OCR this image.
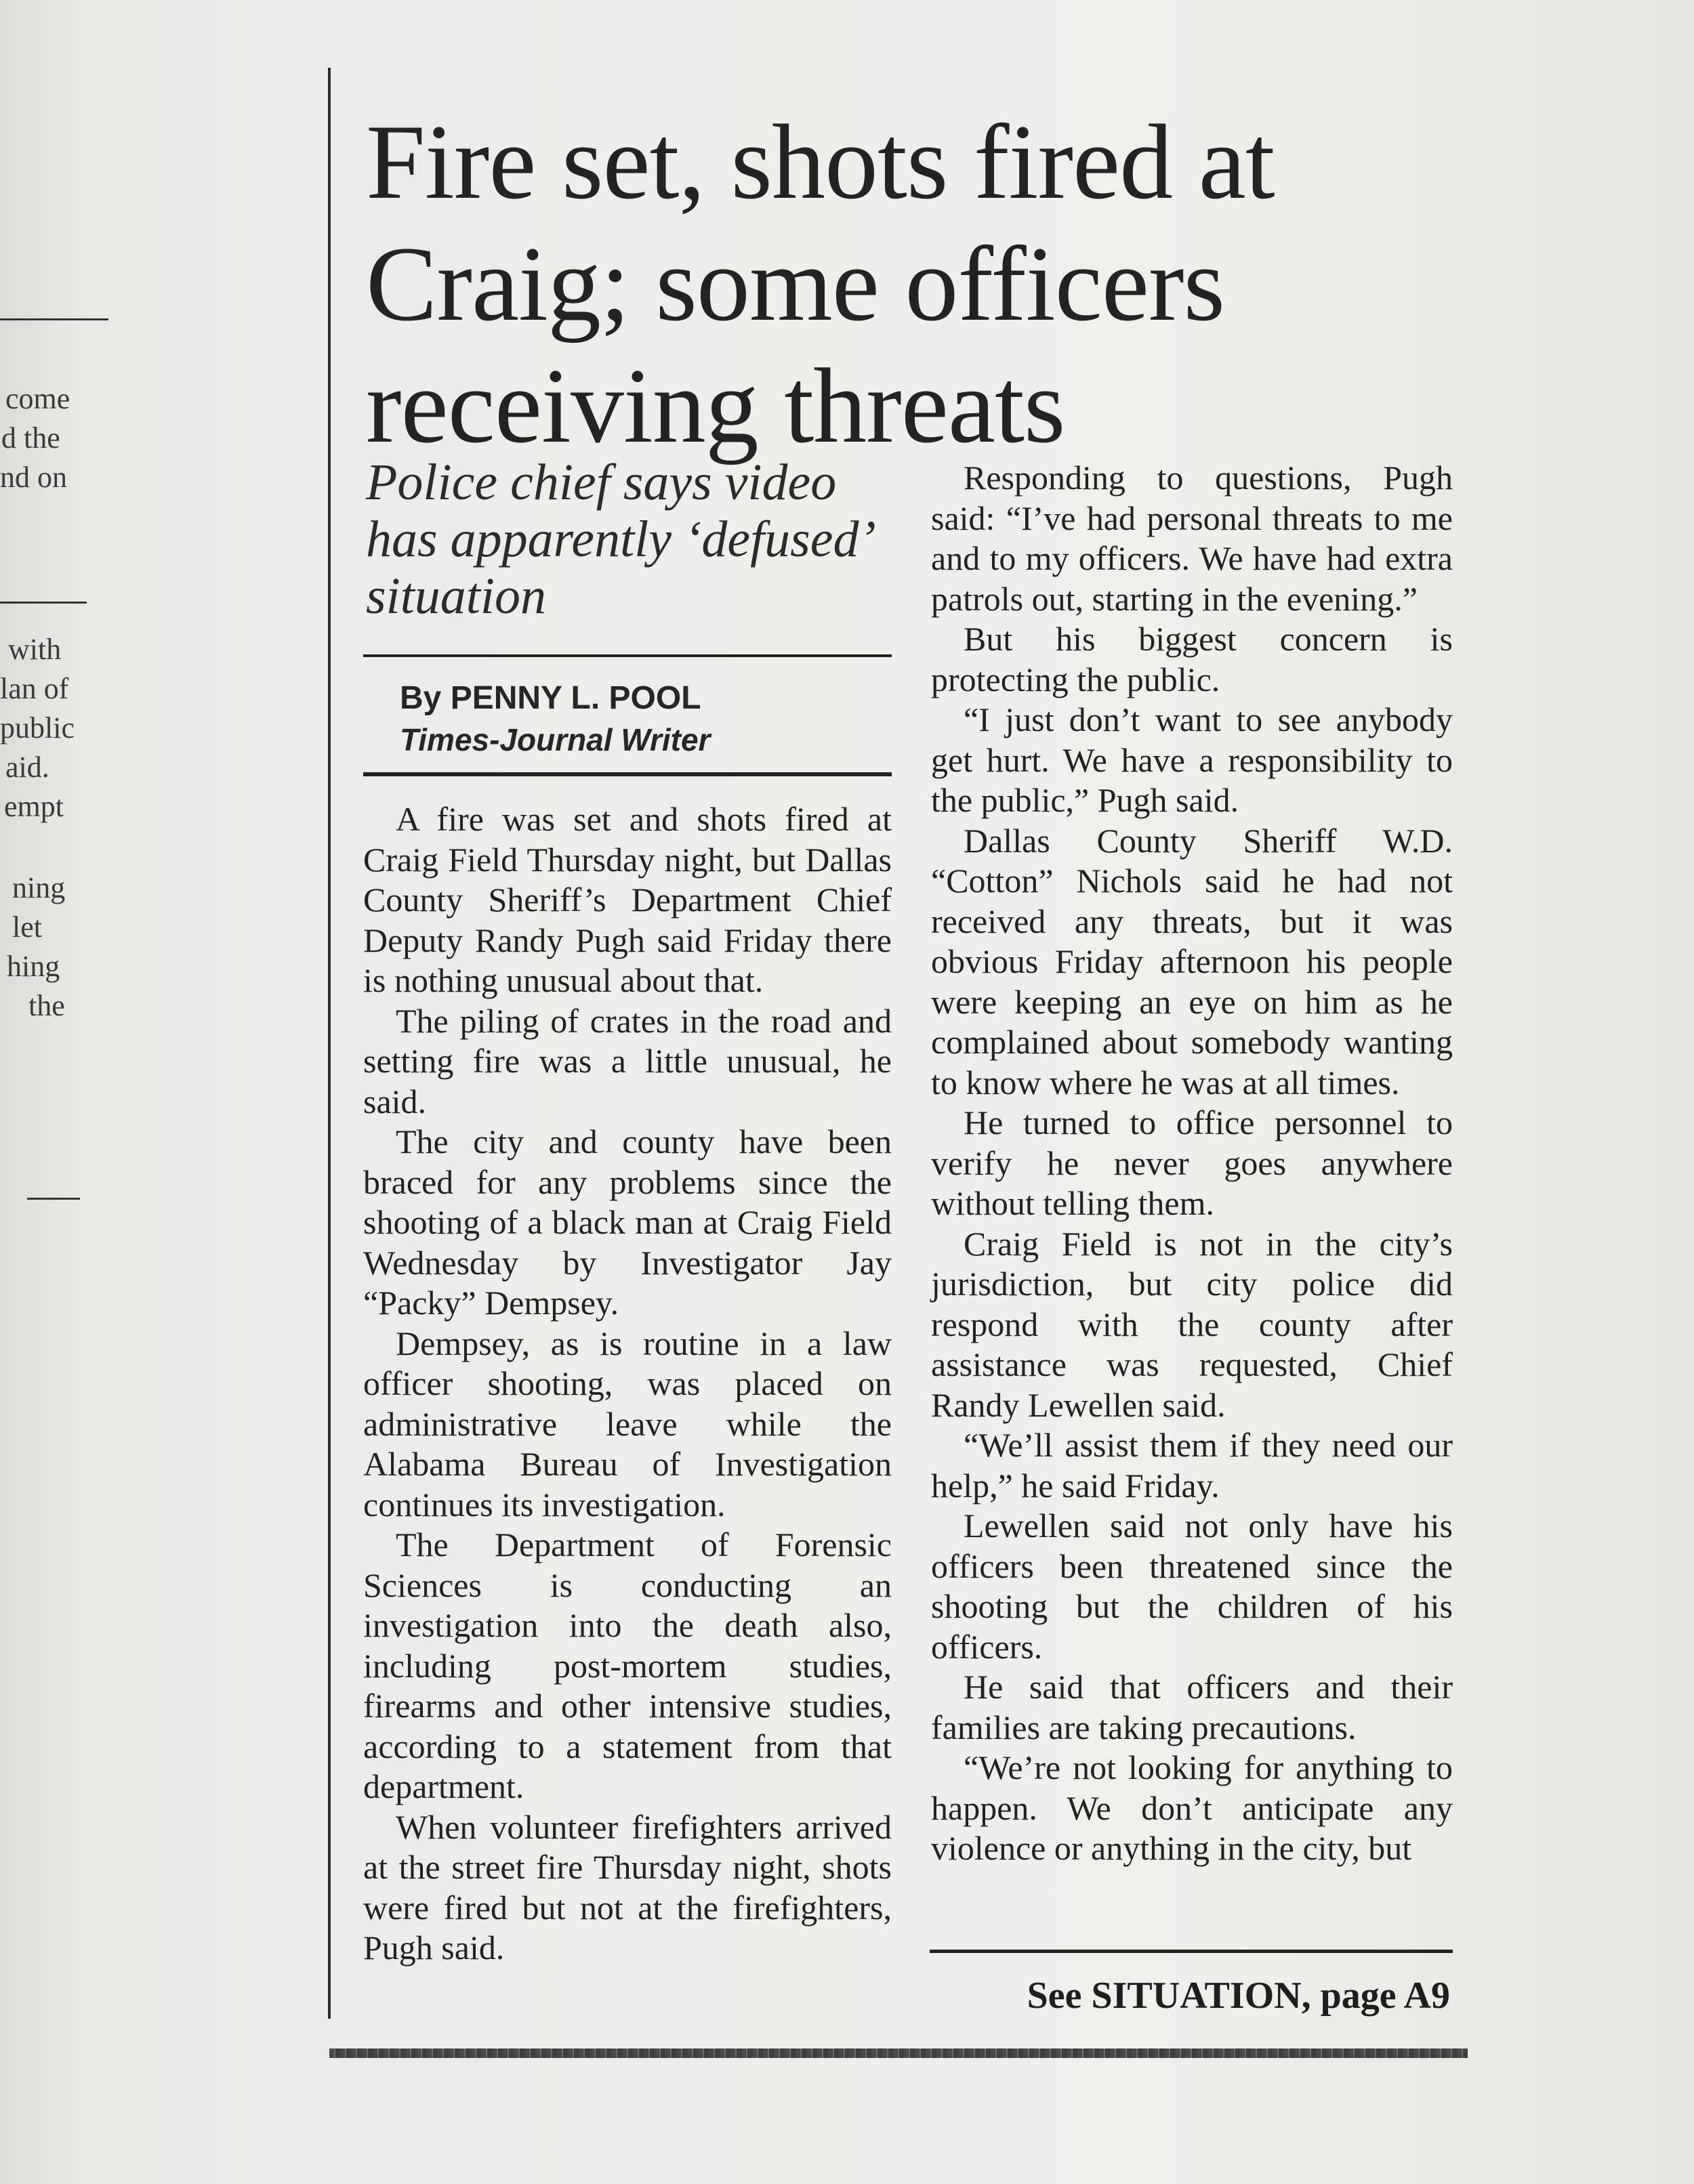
come
d the
nd on
with
lan of
public
aid.
empt
ning
let
hing
the
Fire set, shots fired at Craig; some officers receiving threats

Police chief says video has apparently ‘defused’ situation

By PENNY L. POOL
Times-Journal Writer

A fire was set and shots fired at Craig Field Thursday night, but Dallas County Sheriff’s Department Chief Deputy Randy Pugh said Friday there is nothing unusual about that.

The piling of crates in the road and setting fire was a little unusual, he said.

The city and county have been braced for any problems since the shooting of a black man at Craig Field Wednesday by Investigator Jay “Packy” Dempsey.

Dempsey, as is routine in a law officer shooting, was placed on administrative leave while the Alabama Bureau of Investigation continues its investigation.

The Department of Forensic Sciences is conducting an investigation into the death also, including post-mortem studies, firearms and other intensive studies, according to a statement from that department.

When volunteer firefighters arrived at the street fire Thursday night, shots were fired but not at the firefighters, Pugh said.

Responding to questions, Pugh said: “I’ve had personal threats to me and to my officers. We have had extra patrols out, starting in the evening.”

But his biggest concern is protecting the public.

“I just don’t want to see anybody get hurt. We have a responsibility to the public,” Pugh said.

Dallas County Sheriff W.D. “Cotton” Nichols said he had not received any threats, but it was obvious Friday afternoon his people were keeping an eye on him as he complained about somebody wanting to know where he was at all times.

He turned to office personnel to verify he never goes anywhere without telling them.

Craig Field is not in the city’s jurisdiction, but city police did respond with the county after assistance was requested, Chief Randy Lewellen said.

“We’ll assist them if they need our help,” he said Friday.

Lewellen said not only have his officers been threatened since the shooting but the children of his officers.

He said that officers and their families are taking precautions.

“We’re not looking for anything to happen. We don’t anticipate any violence or anything in the city, but

See SITUATION, page A9
